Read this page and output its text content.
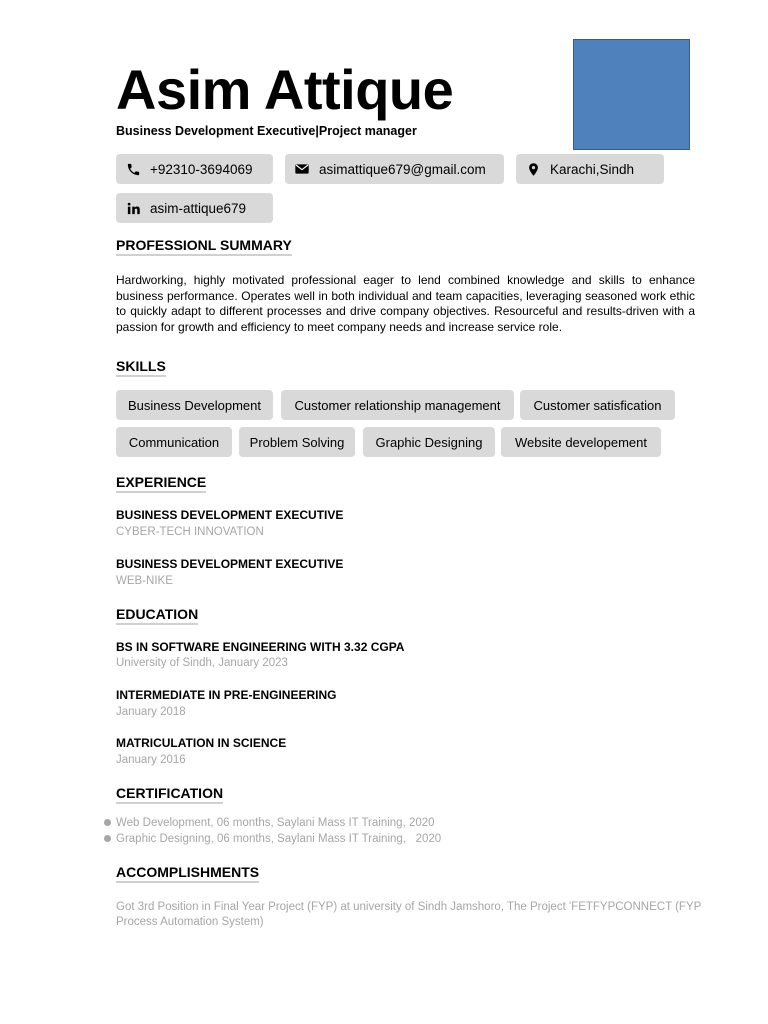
Asim Attique
Business Development Executive|Project manager
+92310-3694069	asimattique679@gmail.com	Karachi,Sindh
asim-attique679
PROFESSIONL SUMMARY
Hardworking, highly motivated professional eager to lend combined knowledge and skills to enhance business performance. Operates well in both individual and team capacities, leveraging seasoned work ethic to quickly adapt to different processes and drive company objectives. Resourceful and results-driven with a passion for growth and efficiency to meet company needs and increase service role.
SKILLS
Business Development	Customer relationship management	Customer satisfication
Communication	Problem Solving	Graphic Designing	Website developement
EXPERIENCE
BUSINESS DEVELOPMENT EXECUTIVE
CYBER-TECH INNOVATION
BUSINESS DEVELOPMENT EXECUTIVE
WEB-NIKE
EDUCATION
BS IN SOFTWARE ENGINEERING WITH 3.32 CGPA
University of Sindh, January 2023
INTERMEDIATE IN PRE-ENGINEERING
January 2018
MATRICULATION IN SCIENCE
January 2016
CERTIFICATION
Web Development, 06 months, Saylani Mass IT Training, 2020
Graphic Designing, 06 months, Saylani Mass IT Training,   2020
ACCOMPLISHMENTS
Got 3rd Position in Final Year Project (FYP) at university of Sindh Jamshoro, The Project 'FETFYPCONNECT (FYP Process Automation System)
